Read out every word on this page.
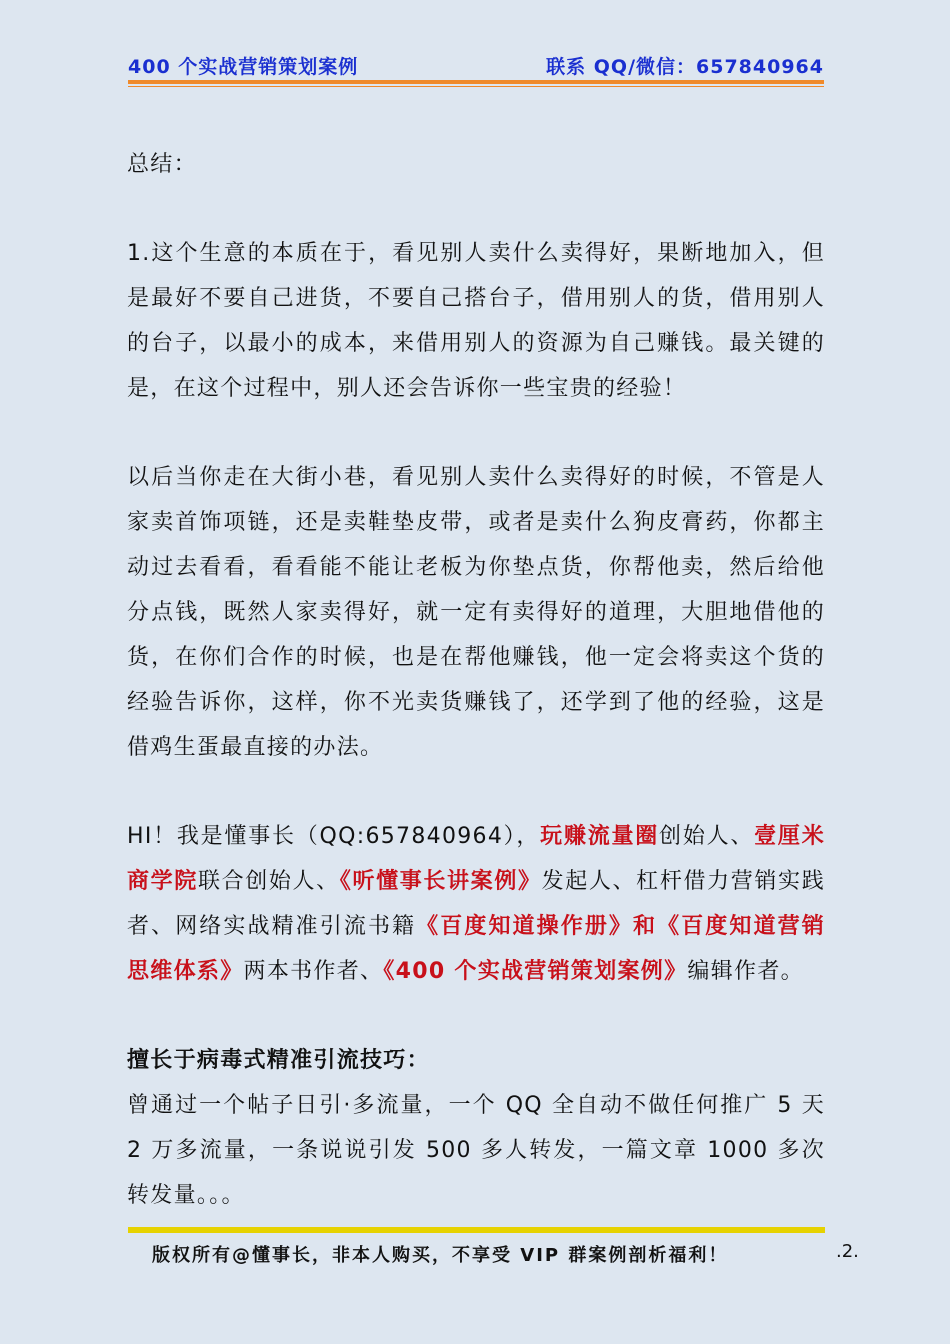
400 个实战营销策划案例	联系 QQ/微信：657840964

总结：

1.这个生意的本质在于，看见别人卖什么卖得好，果断地加入，但是最好不要自己进货，不要自己搭台子，借用别人的货，借用别人的台子，以最小的成本，来借用别人的资源为自己赚钱。最关键的是，在这个过程中，别人还会告诉你一些宝贵的经验！

以后当你走在大街小巷，看见别人卖什么卖得好的时候，不管是人家卖首饰项链，还是卖鞋垫皮带，或者是卖什么狗皮膏药，你都主动过去看看，看看能不能让老板为你垫点货，你帮他卖，然后给他分点钱，既然人家卖得好，就一定有卖得好的道理，大胆地借他的货，在你们合作的时候，也是在帮他赚钱，他一定会将卖这个货的经验告诉你，这样，你不光卖货赚钱了，还学到了他的经验，这是借鸡生蛋最直接的办法。

HI！我是懂事长（QQ:657840964），玩赚流量圈创始人、壹厘米商学院联合创始人、《听懂事长讲案例》发起人、杠杆借力营销实践者、网络实战精准引流书籍《百度知道操作册》和《百度知道营销思维体系》两本书作者、《400 个实战营销策划案例》编辑作者。

擅长于病毒式精准引流技巧：

曾通过一个帖子日引·多流量，一个 QQ 全自动不做任何推广 5 天 2 万多流量，一条说说引发 500 多人转发，一篇文章 1000 多次转发量。。。

版权所有@懂事长，非本人购买，不享受 VIP 群案例剖析福利！	.2.
